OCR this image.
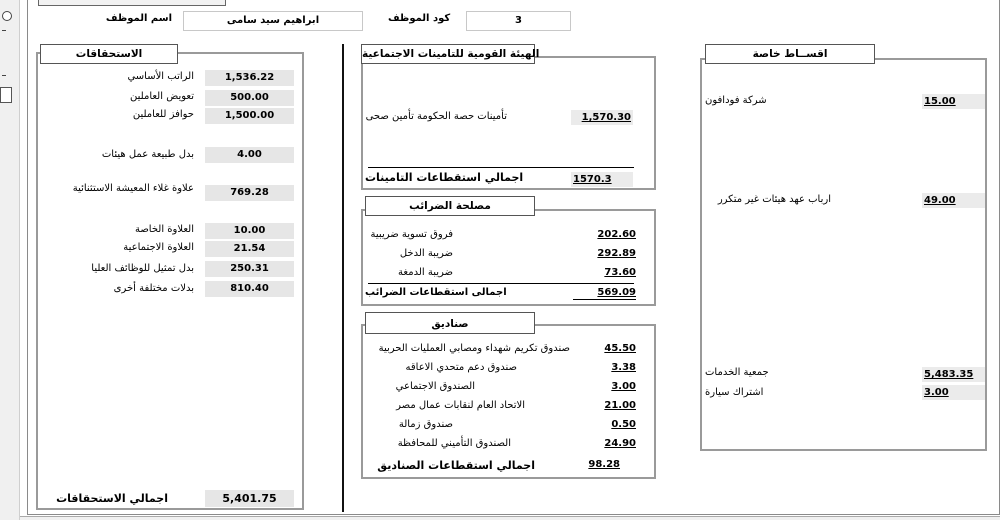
اسم الموظف	ابراهيم سيد سامى	كود الموظف	3
الاستحقاقات
الراتب الأساسي	1,536.22
تعويض العاملين	500.00
حوافز للعاملين	1,500.00
بدل طبيعة عمل هيئات	4.00
علاوة غلاء المعيشة الاستثنائية	769.28
العلاوة الخاصة	10.00
العلاوة الاجتماعية	21.54
بدل تمثيل للوظائف العليا	250.31
بدلات مختلفة أخرى	810.40
اجمالي الاستحقاقات	5,401.75
الهيئة القومية للتامينات الاجتماعية
تأمينات حصة الحكومة تأمين صحى	1,570.30
اجمالي استقطاعات التامينات	1570.3
مصلحة الضرائب
فروق تسوية ضريبية	202.60
ضريبة الدخل	292.89
ضريبة الدمغة	73.60
اجمالى استقطاعات الضرائب	569.09
صناديق
صندوق تكريم شهداء ومصابي العمليات الحربية	45.50
صندوق دعم متحدي الاعاقه	3.38
الصندوق الاجتماعي	3.00
الاتحاد العام لنقابات عمال مصر	21.00
صندوق زمالة	0.50
الصندوق التأميني للمحافظة	24.90
اجمالي استقطاعات الصناديق	98.28
اقســاط خاصة
شركة فودافون	15.00
ارباب عهد هيئات غير متكرر	49.00
جمعية الخدمات	5,483.35
اشتراك سيارة	3.00
